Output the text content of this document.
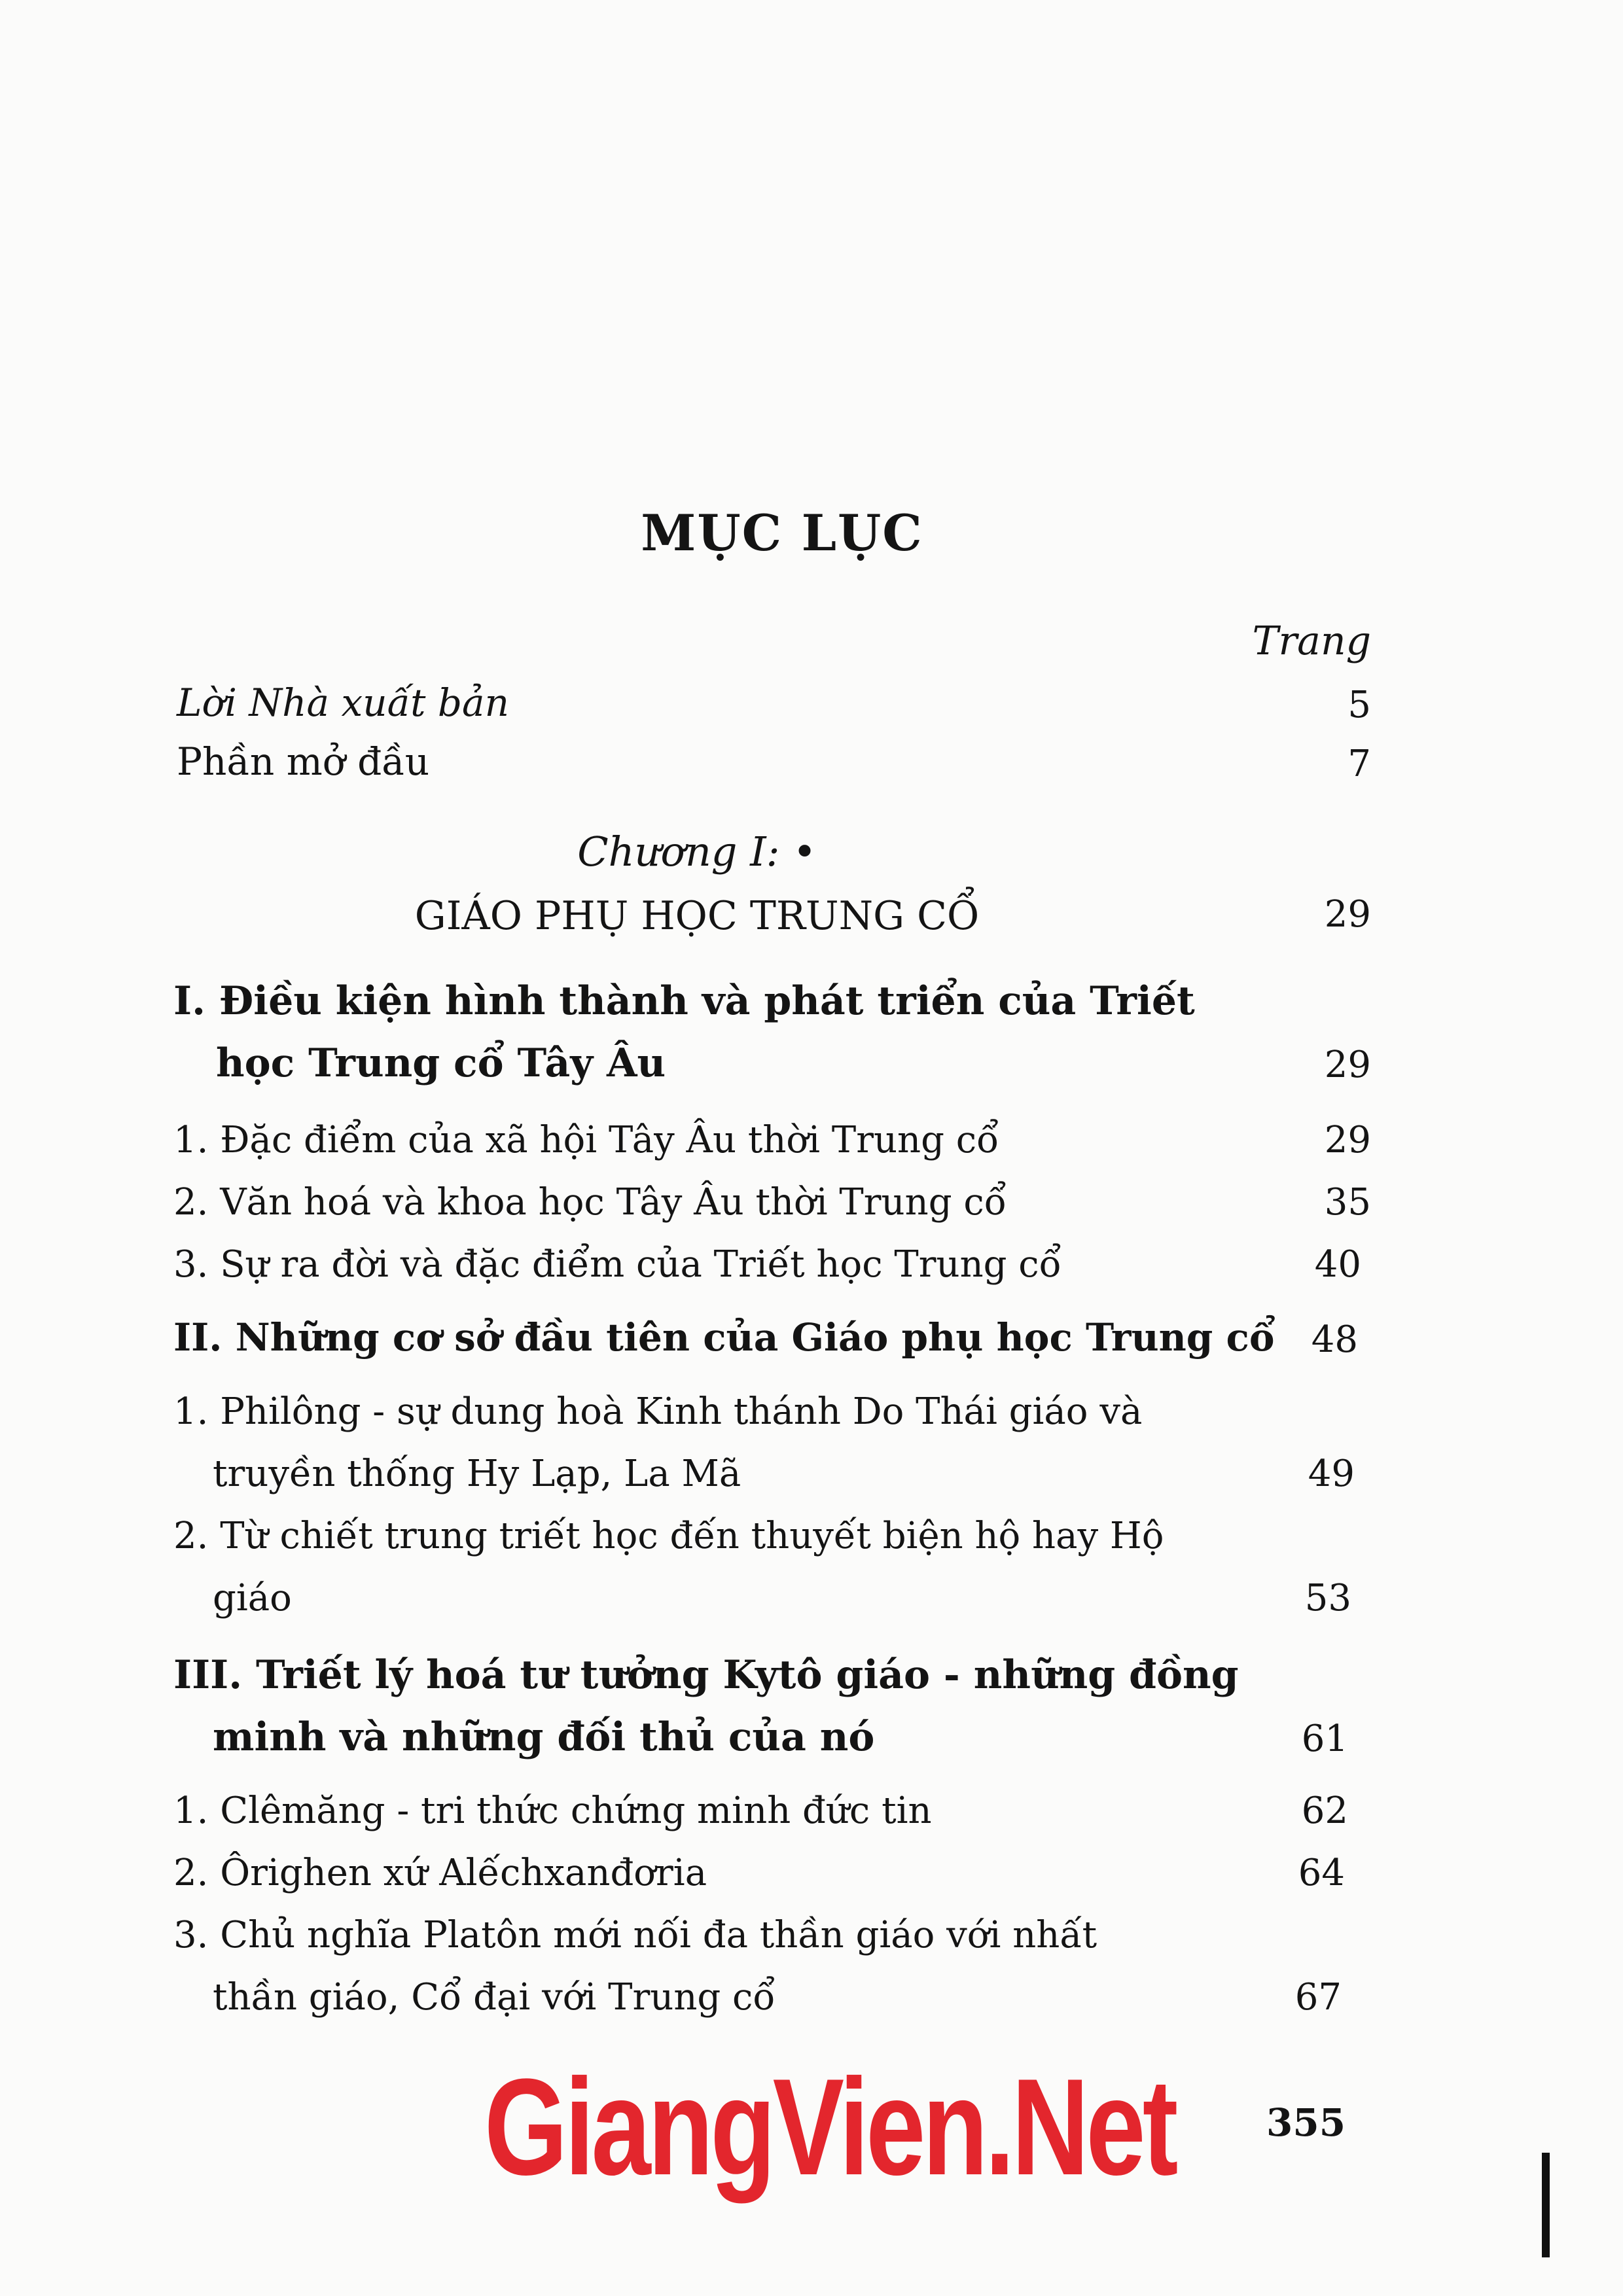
MỤC LỤC
Trang
Lời Nhà xuất bản	5
Phần mở đầu	7
Chương I: •
GIÁO PHỤ HỌC TRUNG CỔ	29
I. Điều kiện hình thành và phát triển của Triết
học Trung cổ Tây Âu	29
1. Đặc điểm của xã hội Tây Âu thời Trung cổ	29
2. Văn hoá và khoa học Tây Âu thời Trung cổ	35
3. Sự ra đời và đặc điểm của Triết học Trung cổ	40
II. Những cơ sở đầu tiên của Giáo phụ học Trung cổ	48
1. Philông - sự dung hoà Kinh thánh Do Thái giáo và
truyền thống Hy Lạp, La Mã	49
2. Từ chiết trung triết học đến thuyết biện hộ hay Hộ
giáo	53
III. Triết lý hoá tư tưởng Kytô giáo - những đồng
minh và những đối thủ của nó	61
1. Clêmăng - tri thức chứng minh đức tin	62
2. Ôrighen xứ Alếchxanđơria	64
3. Chủ nghĩa Platôn mới nối đa thần giáo với nhất
thần giáo, Cổ đại với Trung cổ	67
GiangVien.Net 355
